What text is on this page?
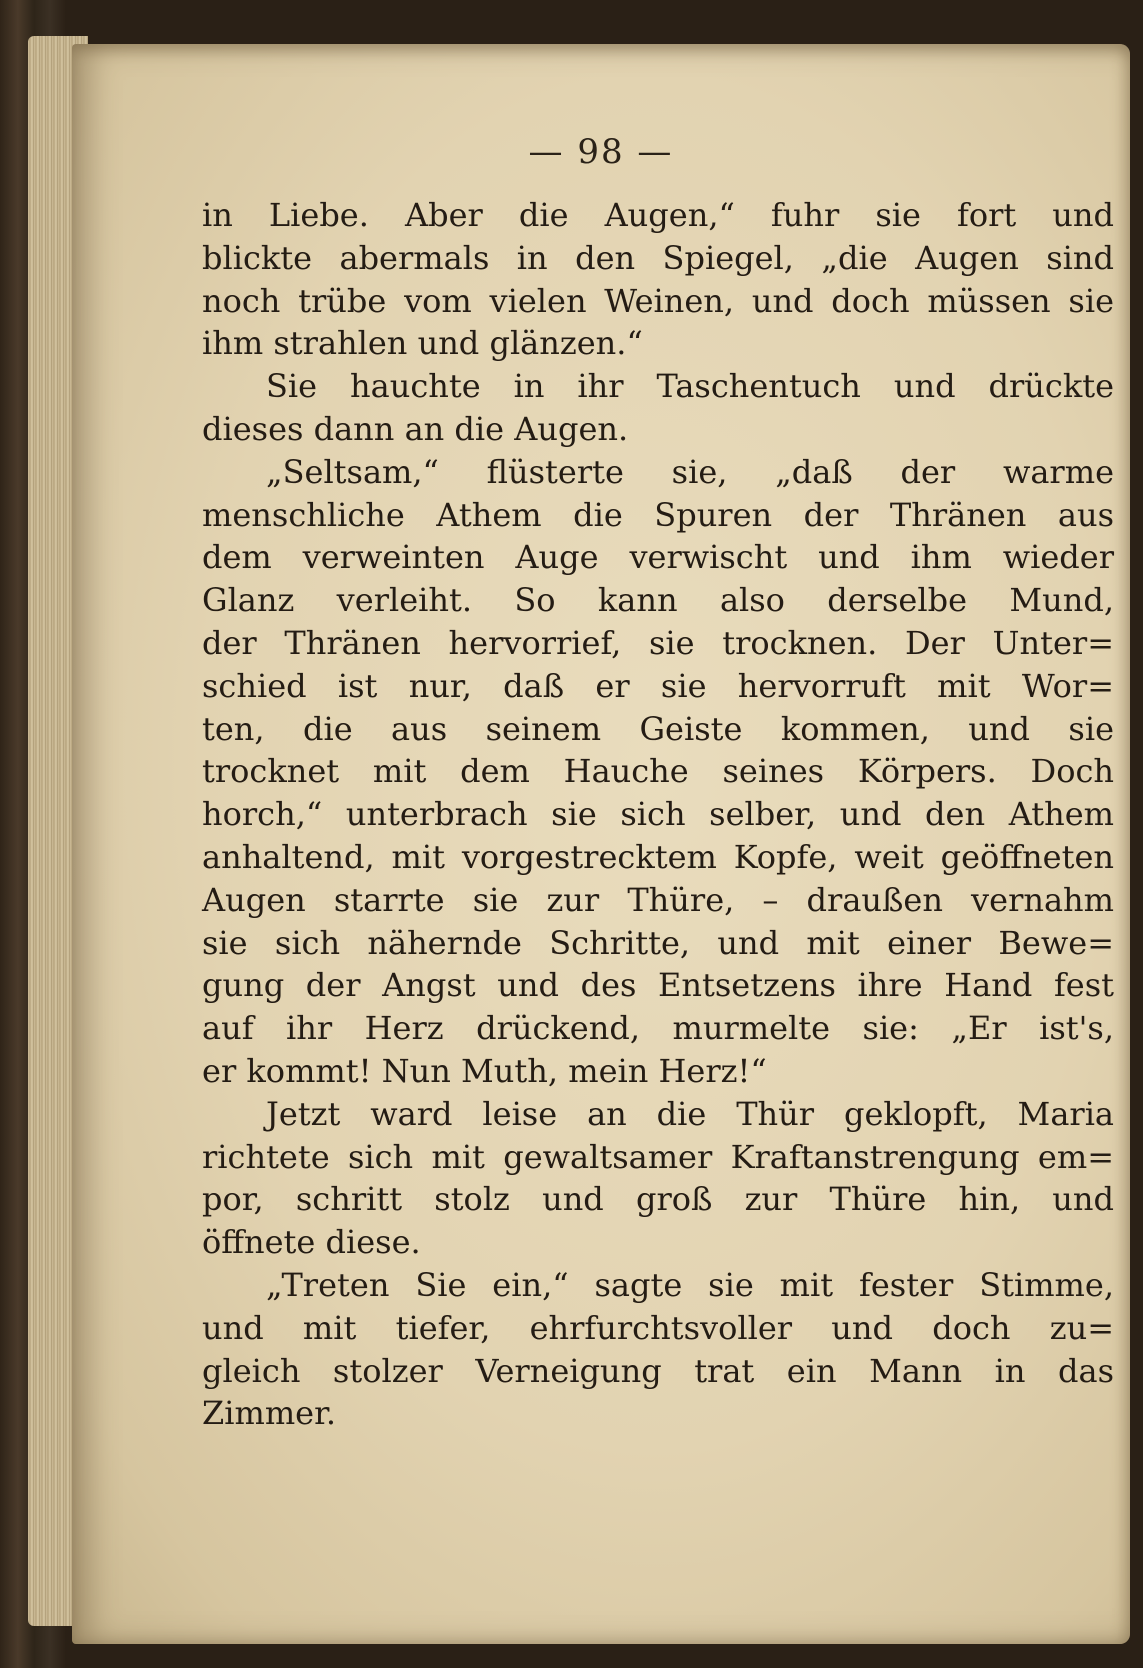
— 98 —
in Liebe. Aber die Augen,“ fuhr sie fort und
blickte abermals in den Spiegel, „die Augen sind
noch trübe vom vielen Weinen, und doch müssen sie
ihm strahlen und glänzen.“
Sie hauchte in ihr Taschentuch und drückte
dieses dann an die Augen.
„Seltsam,“ flüsterte sie, „daß der warme
menschliche Athem die Spuren der Thränen aus
dem verweinten Auge verwischt und ihm wieder
Glanz verleiht. So kann also derselbe Mund,
der Thränen hervorrief, sie trocknen. Der Unter=
schied ist nur, daß er sie hervorruft mit Wor=
ten, die aus seinem Geiste kommen, und sie
trocknet mit dem Hauche seines Körpers. Doch
horch,“ unterbrach sie sich selber, und den Athem
anhaltend, mit vorgestrecktem Kopfe, weit geöffneten
Augen starrte sie zur Thüre, – draußen vernahm
sie sich nähernde Schritte, und mit einer Bewe=
gung der Angst und des Entsetzens ihre Hand fest
auf ihr Herz drückend, murmelte sie: „Er ist's,
er kommt! Nun Muth, mein Herz!“
Jetzt ward leise an die Thür geklopft, Maria
richtete sich mit gewaltsamer Kraftanstrengung em=
por, schritt stolz und groß zur Thüre hin, und
öffnete diese.
„Treten Sie ein,“ sagte sie mit fester Stimme,
und mit tiefer, ehrfurchtsvoller und doch zu=
gleich stolzer Verneigung trat ein Mann in das
Zimmer.
